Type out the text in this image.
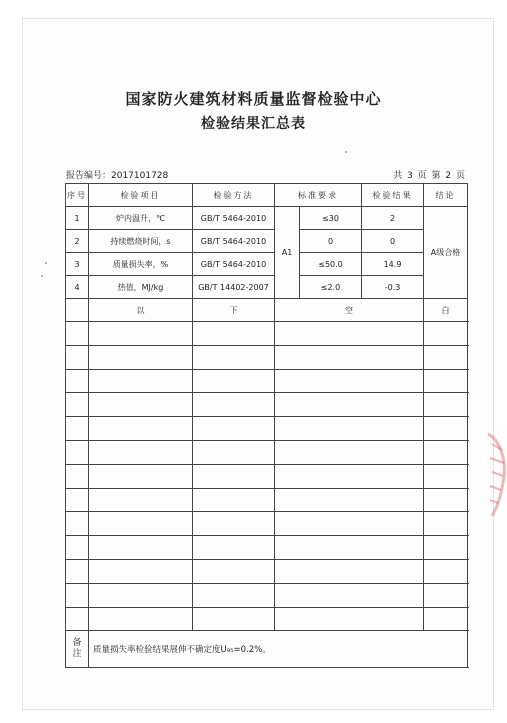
国家防火建筑材料质量监督检验中心
检验结果汇总表
报告编号：2017101728	共 3 页 第 2 页
序号	检验项目	检验方法	标准要求		检验结果	结论
1	炉内温升，℃	GB/T 5464-2010	A1	≤30	2	A级合格
2	持续燃烧时间，s	GB/T 5464-2010		0	0	
3	质量损失率，%	GB/T 5464-2010		≤50.0	14.9	
4	热值，MJ/kg	GB/T 14402-2007		≤2.0	-0.3	
	以	下	空			白

备注	质量损失率检验结果展伸不确定度U₉₅=0.2%。					
